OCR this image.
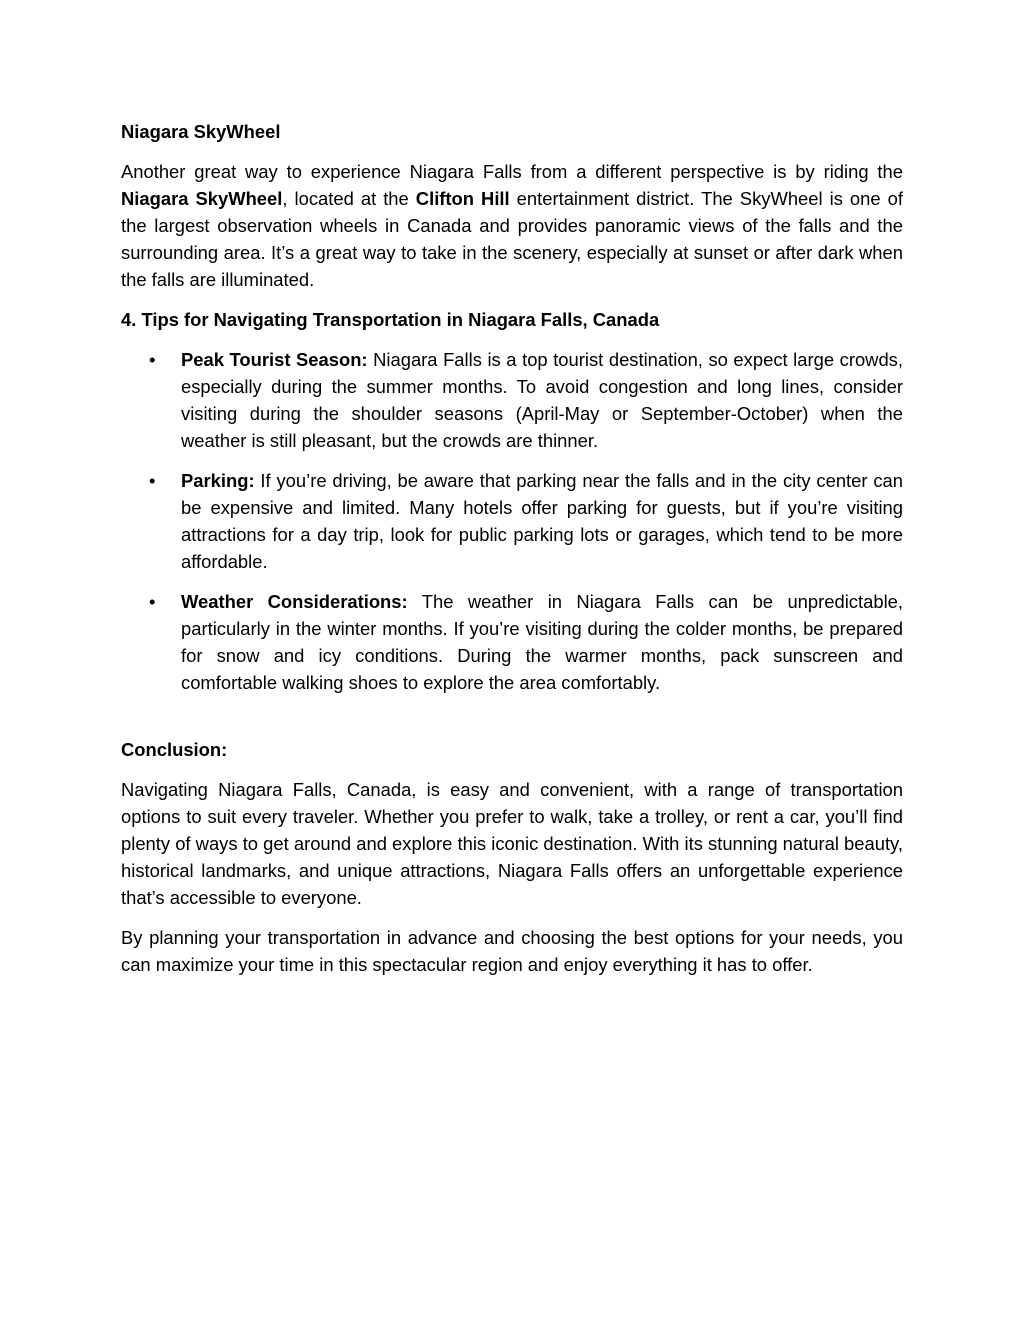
Niagara SkyWheel

Another great way to experience Niagara Falls from a different perspective is by riding the Niagara SkyWheel, located at the Clifton Hill entertainment district. The SkyWheel is one of the largest observation wheels in Canada and provides panoramic views of the falls and the surrounding area. It’s a great way to take in the scenery, especially at sunset or after dark when the falls are illuminated.

4. Tips for Navigating Transportation in Niagara Falls, Canada
• Peak Tourist Season: Niagara Falls is a top tourist destination, so expect large crowds, especially during the summer months. To avoid congestion and long lines, consider visiting during the shoulder seasons (April-May or September-October) when the weather is still pleasant, but the crowds are thinner.
• Parking: If you’re driving, be aware that parking near the falls and in the city center can be expensive and limited. Many hotels offer parking for guests, but if you’re visiting attractions for a day trip, look for public parking lots or garages, which tend to be more affordable.
• Weather Considerations: The weather in Niagara Falls can be unpredictable, particularly in the winter months. If you’re visiting during the colder months, be prepared for snow and icy conditions. During the warmer months, pack sunscreen and comfortable walking shoes to explore the area comfortably.
Conclusion:

Navigating Niagara Falls, Canada, is easy and convenient, with a range of transportation options to suit every traveler. Whether you prefer to walk, take a trolley, or rent a car, you’ll find plenty of ways to get around and explore this iconic destination. With its stunning natural beauty, historical landmarks, and unique attractions, Niagara Falls offers an unforgettable experience that’s accessible to everyone.

By planning your transportation in advance and choosing the best options for your needs, you can maximize your time in this spectacular region and enjoy everything it has to offer.
